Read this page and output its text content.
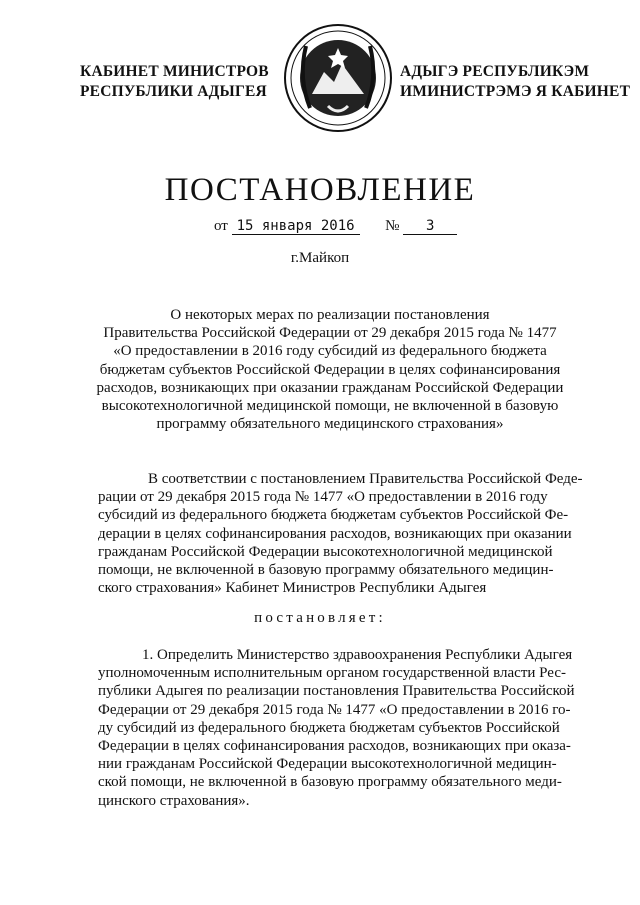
КАБИНЕТ МИНИСТРОВ
РЕСПУБЛИКИ АДЫГЕЯ
АДЫГЭ РЕСПУБЛИКЭМ
ИМИНИСТРЭМЭ Я КАБИНЕТ
ПОСТАНОВЛЕНИЕ
от 15 января 2016 № 3
г.Майкоп
О некоторых мерах по реализации постановления
Правительства Российской Федерации от 29 декабря 2015 года № 1477
«О предоставлении в 2016 году субсидий из федерального бюджета
бюджетам субъектов Российской Федерации в целях софинансирования
расходов, возникающих при оказании гражданам Российской Федерации
высокотехнологичной медицинской помощи, не включенной в базовую
программу обязательного медицинского страхования»
В соответствии с постановлением Правительства Российской Феде-
рации от 29 декабря 2015 года № 1477 «О предоставлении в 2016 году
субсидий из федерального бюджета бюджетам субъектов Российской Фе-
дерации в целях софинансирования расходов, возникающих при оказании
гражданам Российской Федерации высокотехнологичной медицинской
помощи, не включенной в базовую программу обязательного медицин-
ского страхования» Кабинет Министров Республики Адыгея
постановляет:
1. Определить Министерство здравоохранения Республики Адыгея
уполномоченным исполнительным органом государственной власти Рес-
публики Адыгея по реализации постановления Правительства Российской
Федерации от 29 декабря 2015 года № 1477 «О предоставлении в 2016 го-
ду субсидий из федерального бюджета бюджетам субъектов Российской
Федерации в целях софинансирования расходов, возникающих при оказа-
нии гражданам Российской Федерации высокотехнологичной медицин-
ской помощи, не включенной в базовую программу обязательного меди-
цинского страхования».
